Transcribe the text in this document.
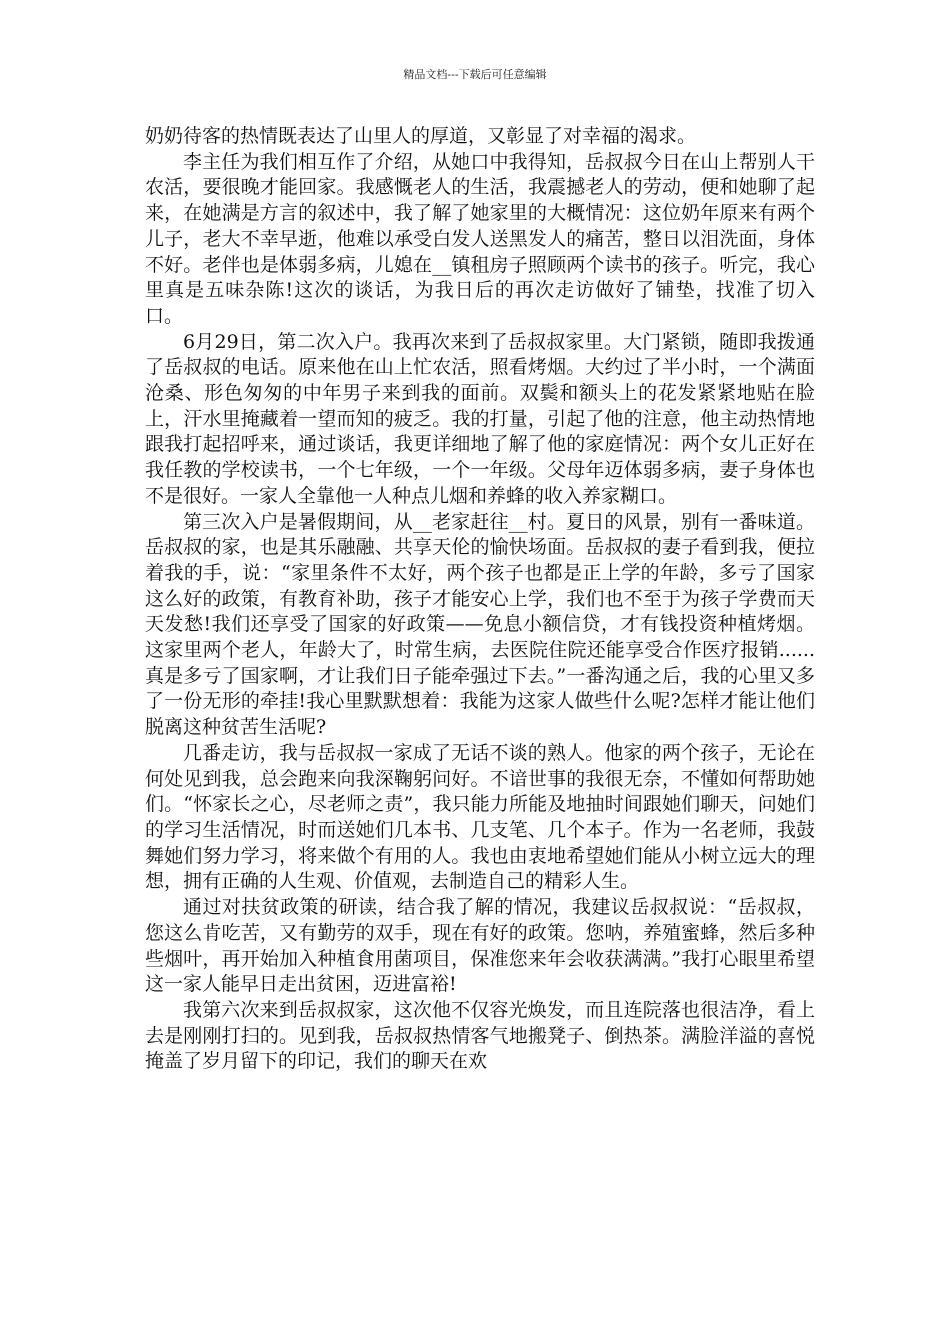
精品文档---下载后可任意编辑

奶奶待客的热情既表达了山里人的厚道，又彰显了对幸福的渴求。

李主任为我们相互作了介绍，从她口中我得知，岳叔叔今日在山上帮别人干农活，要很晚才能回家。我感慨老人的生活，我震撼老人的劳动，便和她聊了起来，在她满是方言的叙述中，我了解了她家里的大概情况：这位奶年原来有两个儿子，老大不幸早逝，他难以承受白发人送黑发人的痛苦，整日以泪洗面，身体不好。老伴也是体弱多病，儿媳在__镇租房子照顾两个读书的孩子。听完，我心里真是五味杂陈!这次的谈话，为我日后的再次走访做好了铺垫，找准了切入口。

6月29日，第二次入户。我再次来到了岳叔叔家里。大门紧锁，随即我拨通了岳叔叔的电话。原来他在山上忙农活，照看烤烟。大约过了半小时，一个满面沧桑、形色匆匆的中年男子来到我的面前。双鬓和额头上的花发紧紧地贴在脸上，汗水里掩藏着一望而知的疲乏。我的打量，引起了他的注意，他主动热情地跟我打起招呼来，通过谈话，我更详细地了解了他的家庭情况：两个女儿正好在我任教的学校读书，一个七年级，一个一年级。父母年迈体弱多病，妻子身体也不是很好。一家人全靠他一人种点儿烟和养蜂的收入养家糊口。

第三次入户是暑假期间，从__老家赶往__村。夏日的风景，别有一番味道。岳叔叔的家，也是其乐融融、共享天伦的愉快场面。岳叔叔的妻子看到我，便拉着我的手，说：“家里条件不太好，两个孩子也都是正上学的年龄，多亏了国家这么好的政策，有教育补助，孩子才能安心上学，我们也不至于为孩子学费而天天发愁!我们还享受了国家的好政策——免息小额信贷，才有钱投资种植烤烟。这家里两个老人，年龄大了，时常生病，去医院住院还能享受合作医疗报销......真是多亏了国家啊，才让我们日子能牵强过下去。”一番沟通之后，我的心里又多了一份无形的牵挂!我心里默默想着：我能为这家人做些什么呢?怎样才能让他们脱离这种贫苦生活呢?

几番走访，我与岳叔叔一家成了无话不谈的熟人。他家的两个孩子，无论在何处见到我，总会跑来向我深鞠躬问好。不谙世事的我很无奈，不懂如何帮助她们。“怀家长之心，尽老师之责”，我只能力所能及地抽时间跟她们聊天，问她们的学习生活情况，时而送她们几本书、几支笔、几个本子。作为一名老师，我鼓舞她们努力学习，将来做个有用的人。我也由衷地希望她们能从小树立远大的理想，拥有正确的人生观、价值观，去制造自己的精彩人生。

通过对扶贫政策的研读，结合我了解的情况，我建议岳叔叔说：“岳叔叔，您这么肯吃苦，又有勤劳的双手，现在有好的政策。您呐，养殖蜜蜂，然后多种些烟叶，再开始加入种植食用菌项目，保准您来年会收获满满。”我打心眼里希望这一家人能早日走出贫困，迈进富裕!

我第六次来到岳叔叔家，这次他不仅容光焕发，而且连院落也很洁净，看上去是刚刚打扫的。见到我，岳叔叔热情客气地搬凳子、倒热茶。满脸洋溢的喜悦掩盖了岁月留下的印记，我们的聊天在欢
